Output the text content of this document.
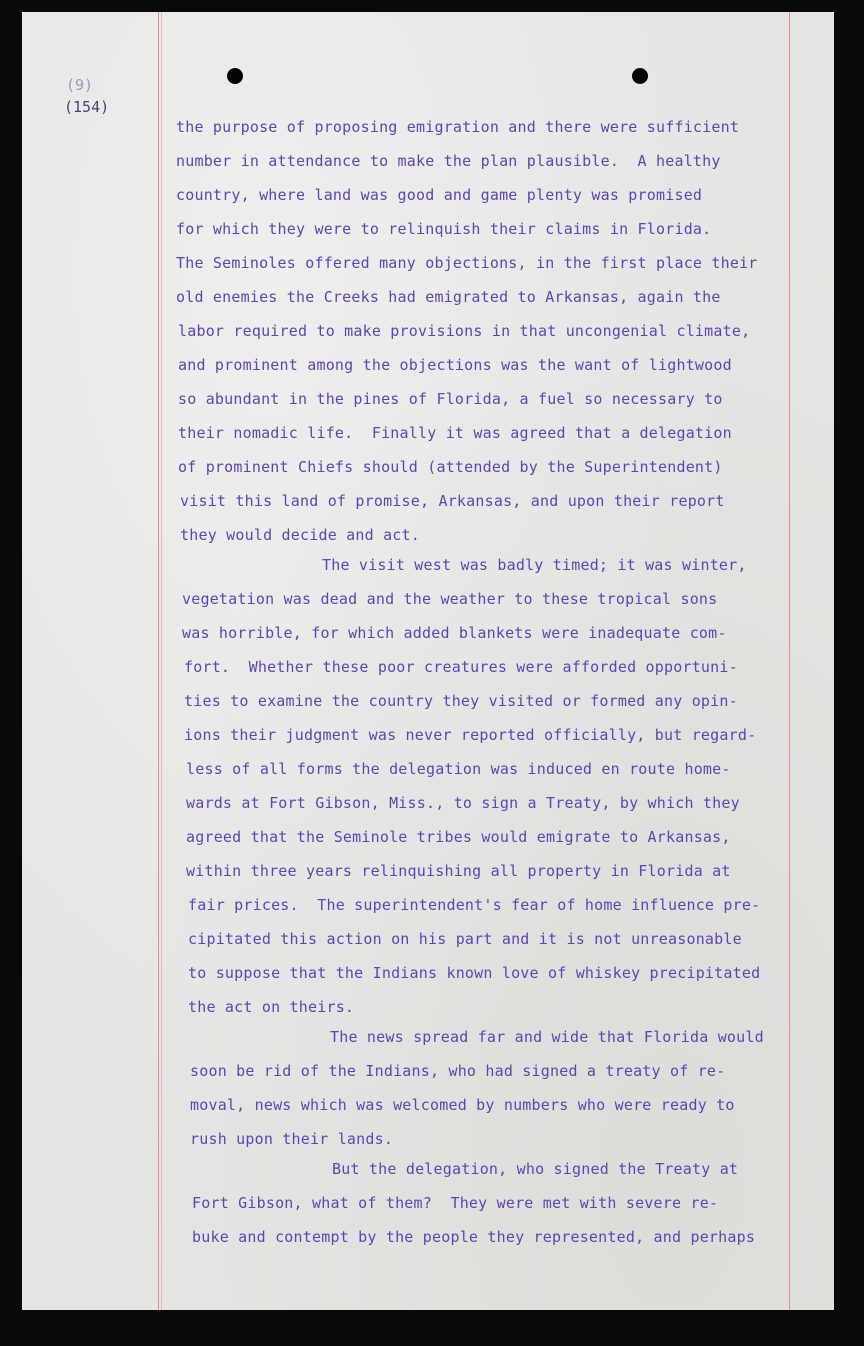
(9)
(154)
the purpose of proposing emigration and there were sufficient
number in attendance to make the plan plausible.  A healthy
country, where land was good and game plenty was promised
for which they were to relinquish their claims in Florida.
The Seminoles offered many objections, in the first place their
old enemies the Creeks had emigrated to Arkansas, again the
labor required to make provisions in that uncongenial climate,
and prominent among the objections was the want of lightwood
so abundant in the pines of Florida, a fuel so necessary to
their nomadic life.  Finally it was agreed that a delegation
of prominent Chiefs should (attended by the Superintendent)
visit this land of promise, Arkansas, and upon their report
they would decide and act.
The visit west was badly timed; it was winter,
vegetation was dead and the weather to these tropical sons
was horrible, for which added blankets were inadequate com-
fort.  Whether these poor creatures were afforded opportuni-
ties to examine the country they visited or formed any opin-
ions their judgment was never reported officially, but regard-
less of all forms the delegation was induced en route home-
wards at Fort Gibson, Miss., to sign a Treaty, by which they
agreed that the Seminole tribes would emigrate to Arkansas,
within three years relinquishing all property in Florida at
fair prices.  The superintendent's fear of home influence pre-
cipitated this action on his part and it is not unreasonable
to suppose that the Indians known love of whiskey precipitated
the act on theirs.
The news spread far and wide that Florida would
soon be rid of the Indians, who had signed a treaty of re-
moval, news which was welcomed by numbers who were ready to
rush upon their lands.
But the delegation, who signed the Treaty at
Fort Gibson, what of them?  They were met with severe re-
buke and contempt by the people they represented, and perhaps
